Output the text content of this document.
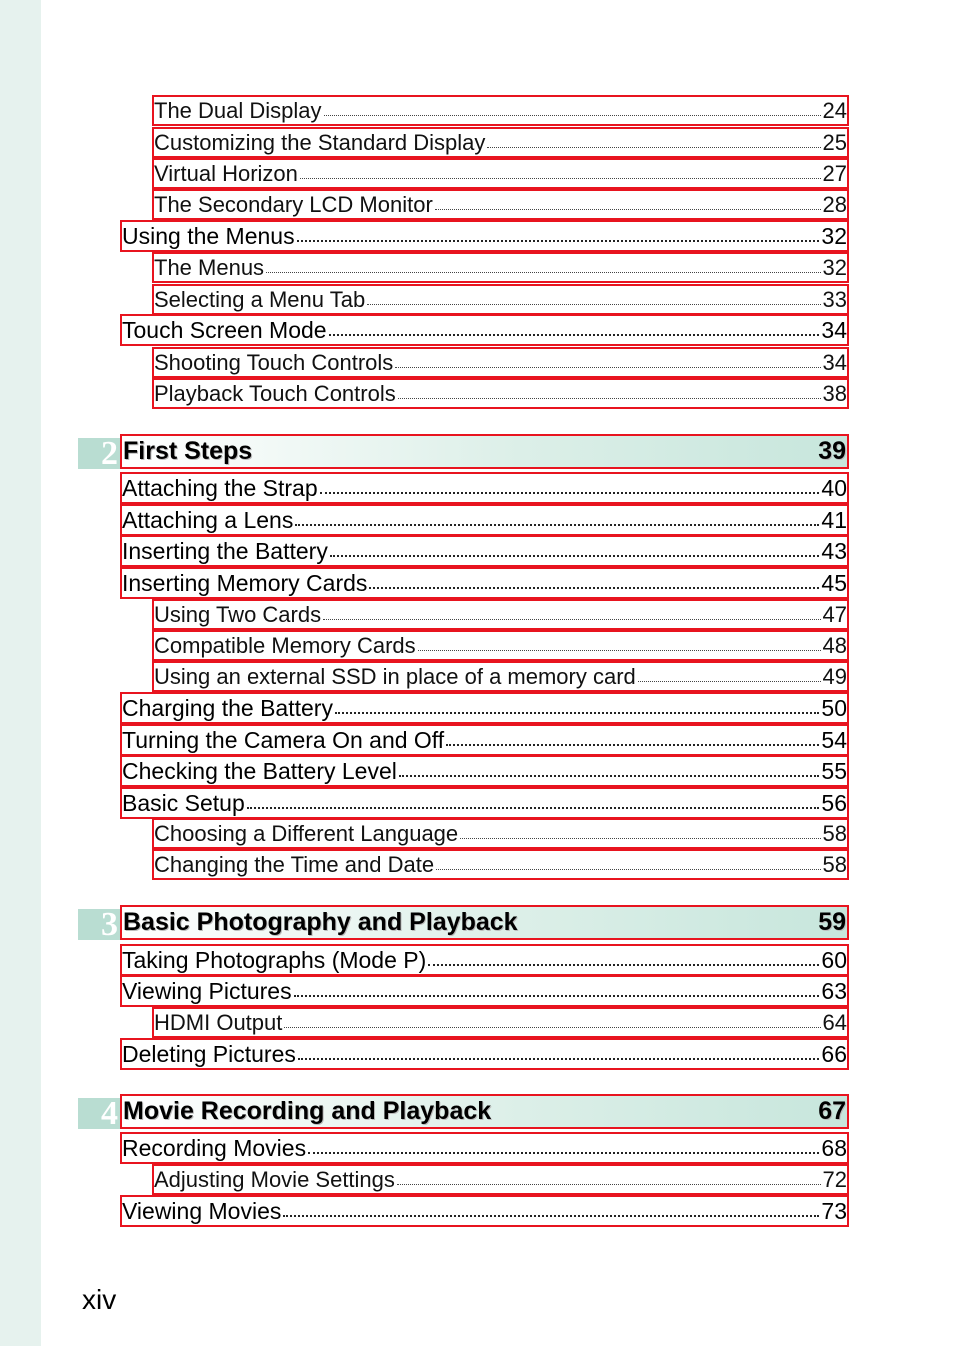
The Dual Display	24
Customizing the Standard Display	25
Virtual Horizon	27
The Secondary LCD Monitor	28
Using the Menus	32
The Menus	32
Selecting a Menu Tab	33
Touch Screen Mode	34
Shooting Touch Controls	34
Playback Touch Controls	38
2 First Steps	39
Attaching the Strap	40
Attaching a Lens	41
Inserting the Battery	43
Inserting Memory Cards	45
Using Two Cards	47
Compatible Memory Cards	48
Using an external SSD in place of a memory card	49
Charging the Battery	50
Turning the Camera On and Off	54
Checking the Battery Level	55
Basic Setup	56
Choosing a Different Language	58
Changing the Time and Date	58
3 Basic Photography and Playback	59
Taking Photographs (Mode P)	60
Viewing Pictures	63
HDMI Output	64
Deleting Pictures	66
4 Movie Recording and Playback	67
Recording Movies	68
Adjusting Movie Settings	72
Viewing Movies	73
xiv
